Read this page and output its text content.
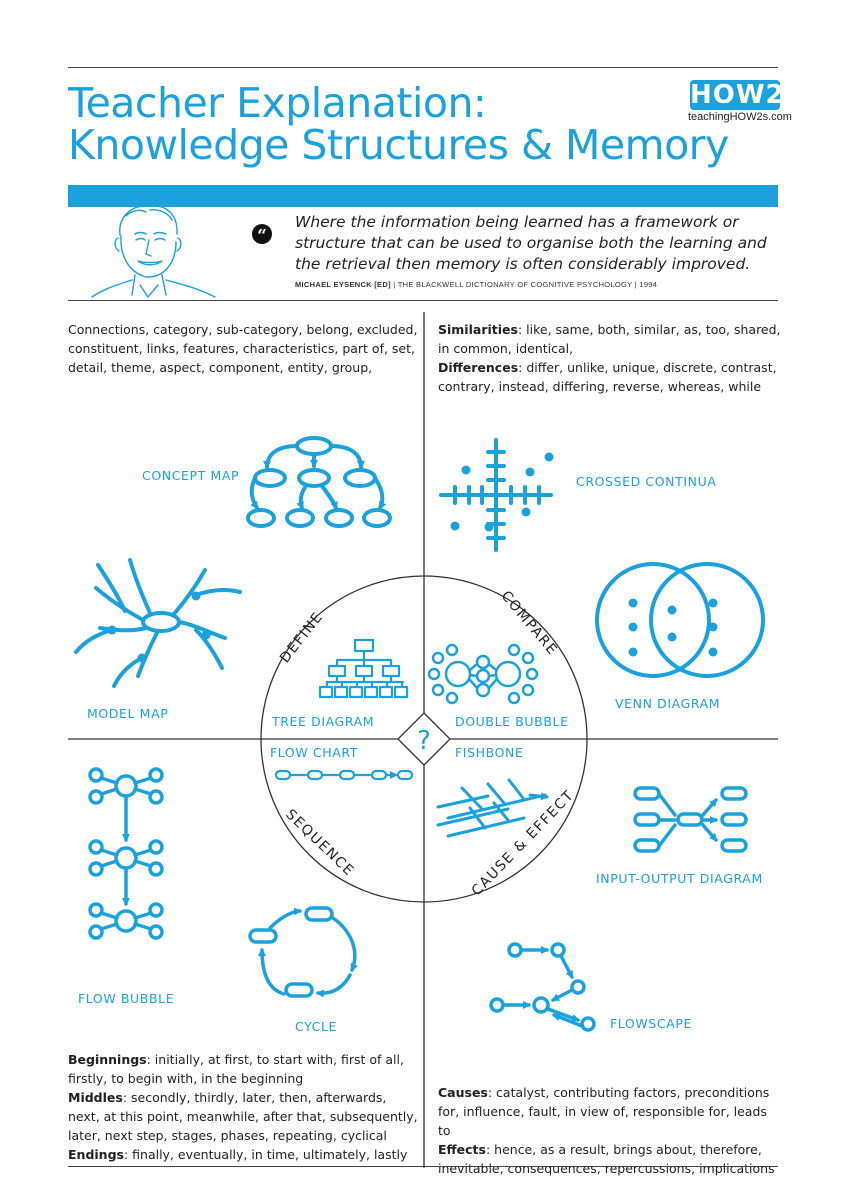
Teacher Explanation:
Knowledge Structures & Memory
HOW2
teachingHOW2s.com
“
Where the information being learned has a framework or structure that can be used to organise both the learning and the retrieval then memory is often considerably improved.
MICHAEL EYSENCK [ED] | THE BLACKWELL DICTIONARY OF COGNITIVE PSYCHOLOGY | 1994
Connections, category, sub-category, belong, excluded, constituent, links, features, characteristics, part of, set, detail, theme, aspect, component, entity, group,
Similarities: like, same, both, similar, as, too, shared, in common, identical,
Differences: differ, unlike, unique, discrete, contrast, contrary, instead, differing, reverse, whereas, while
Beginnings: initially, at first, to start with, first of all, firstly, to begin with, in the beginning
Middles: secondly, thirdly, later, then, afterwards, next, at this point, meanwhile, after that, subsequently, later, next step, stages, phases, repeating, cyclical
Endings: finally, eventually, in time, ultimately, lastly
Causes: catalyst, contributing factors, preconditions for, influence, fault, in view of, responsible for, leads to
Effects: hence, as a result, brings about, therefore, inevitable, consequences, repercussions, implications
?
DEFINE	COMPARE
SEQUENCE	CAUSE & EFFECT
CONCEPT MAP	CROSSED CONTINUA
MODEL MAP
VENN DIAGRAM
TREE DIAGRAM	DOUBLE BUBBLE
FLOW CHART	FISHBONE
INPUT-OUTPUT DIAGRAM
FLOW BUBBLE
CYCLE	FLOWSCAPE
